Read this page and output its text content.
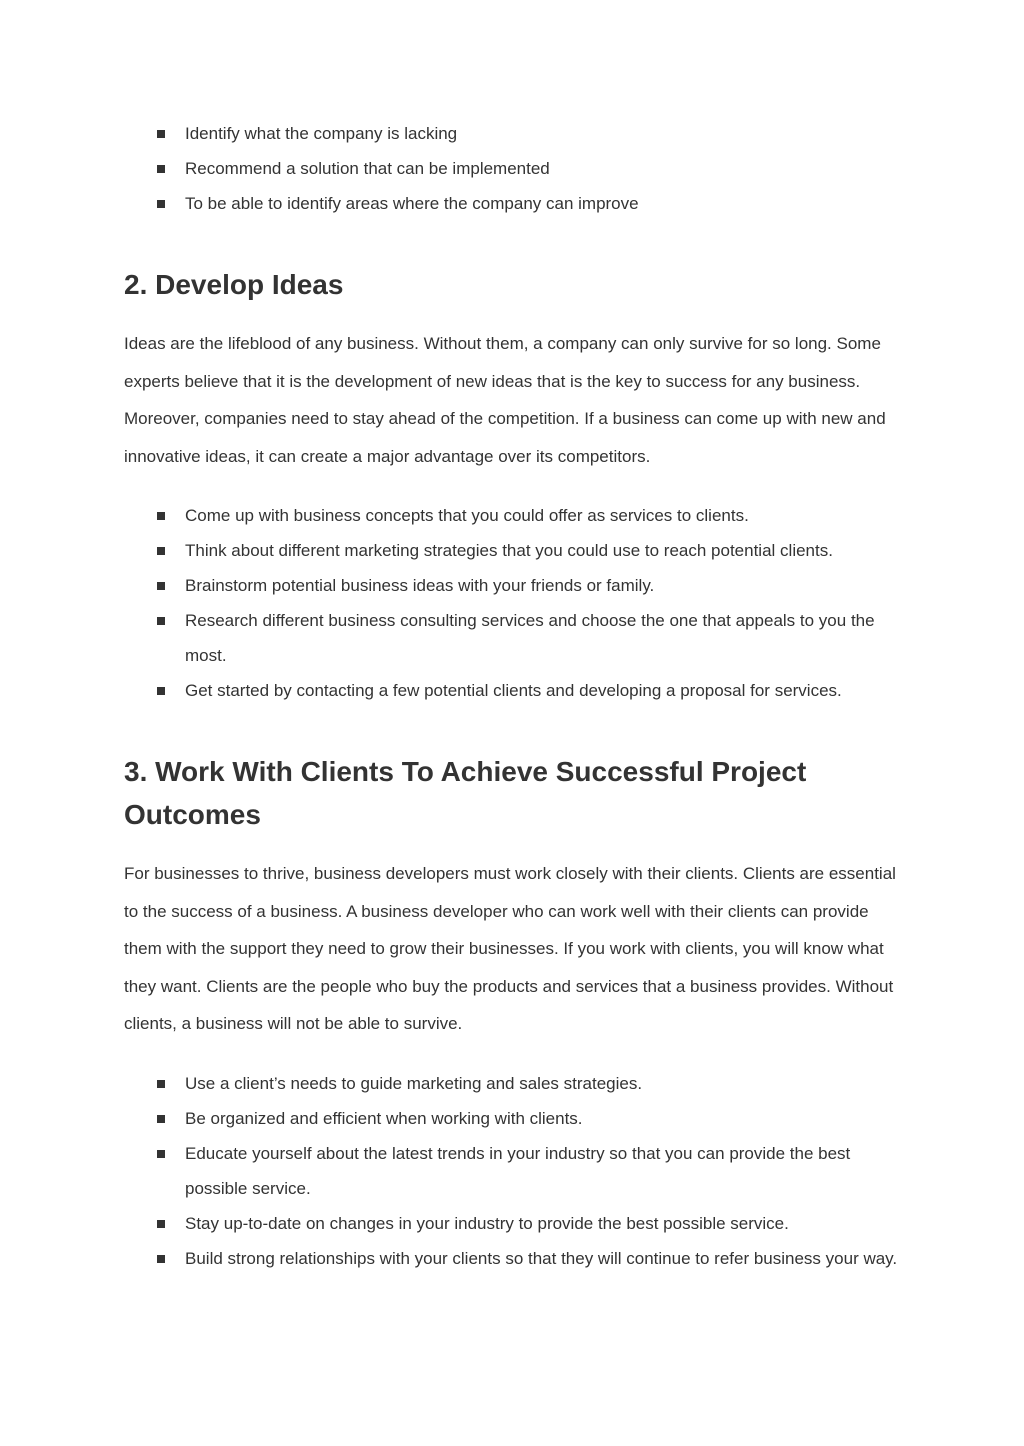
Identify what the company is lacking
Recommend a solution that can be implemented
To be able to identify areas where the company can improve
2. Develop Ideas

Ideas are the lifeblood of any business. Without them, a company can only survive for so long. Some experts believe that it is the development of new ideas that is the key to success for any business. Moreover, companies need to stay ahead of the competition. If a business can come up with new and innovative ideas, it can create a major advantage over its competitors.

Come up with business concepts that you could offer as services to clients.
Think about different marketing strategies that you could use to reach potential clients.
Brainstorm potential business ideas with your friends or family.
Research different business consulting services and choose the one that appeals to you the most.
Get started by contacting a few potential clients and developing a proposal for services.
3. Work With Clients To Achieve Successful Project Outcomes

For businesses to thrive, business developers must work closely with their clients. Clients are essential to the success of a business. A business developer who can work well with their clients can provide them with the support they need to grow their businesses. If you work with clients, you will know what they want. Clients are the people who buy the products and services that a business provides. Without clients, a business will not be able to survive.

Use a client’s needs to guide marketing and sales strategies.
Be organized and efficient when working with clients.
Educate yourself about the latest trends in your industry so that you can provide the best possible service.
Stay up-to-date on changes in your industry to provide the best possible service.
Build strong relationships with your clients so that they will continue to refer business your way.
